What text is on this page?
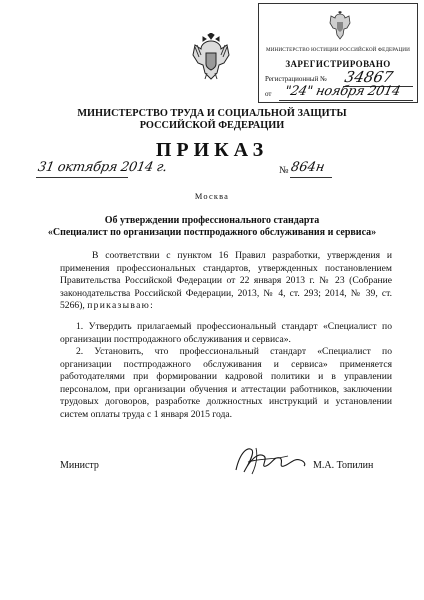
МИНИСТЕРСТВО ЮСТИЦИИ РОССИЙСКОЙ ФЕДЕРАЦИИ
ЗАРЕГИСТРИРОВАНО
Регистрационный № 34867
от "24" ноября 2014
МИНИСТЕРСТВО ТРУДА И СОЦИАЛЬНОЙ ЗАЩИТЫ
РОССИЙСКОЙ ФЕДЕРАЦИИ
ПРИКАЗ
31 октября 2014 г.	№ 864н
Москва
Об утверждении профессионального стандарта
«Специалист по организации постпродажного обслуживания и сервиса»
В соответствии с пунктом 16 Правил разработки, утверждения и применения профессиональных стандартов, утвержденных постановлением Правительства Российской Федерации от 22 января 2013 г. № 23 (Собрание законодательства Российской Федерации, 2013, № 4, ст. 293; 2014, № 39, ст. 5266), приказываю:
1. Утвердить прилагаемый профессиональный стандарт «Специалист по организации постпродажного обслуживания и сервиса».
2. Установить, что профессиональный стандарт «Специалист по организации постпродажного обслуживания и сервиса» применяется работодателями при формировании кадровой политики и в управлении персоналом, при организации обучения и аттестации работников, заключении трудовых договоров, разработке должностных инструкций и установлении систем оплаты труда с 1 января 2015 года.
Министр	М.А. Топилин
